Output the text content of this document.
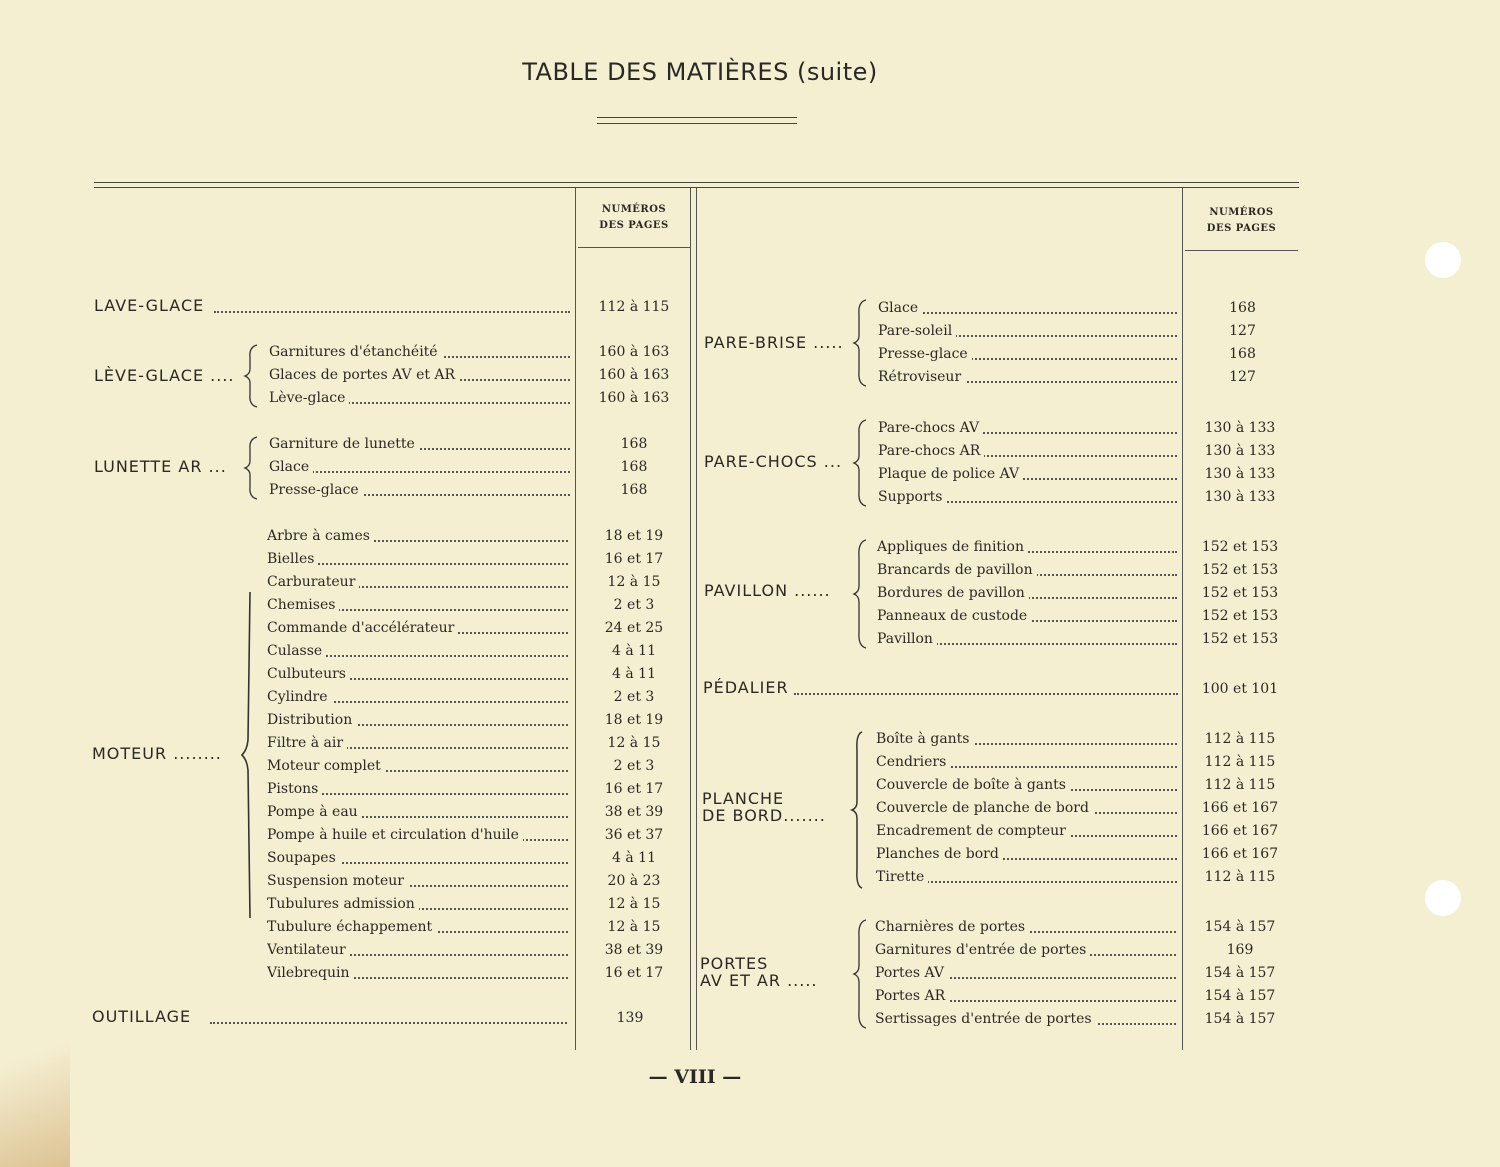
TABLE DES MATIÈRES (suite)
NUMÉROS
DES PAGES
NUMÉROS
DES PAGES
LAVE-GLACE	112 à 115
LÈVE-GLACE ....
Garnitures d'étanchéité	160 à 163
Glaces de portes AV et AR	160 à 163
Lève-glace	160 à 163
LUNETTE AR ...
Garniture de lunette	168
Glace	168
Presse-glace	168
MOTEUR ........
Arbre à cames	18 et 19
Bielles	16 et 17
Carburateur	12 à 15
Chemises	2 et 3
Commande d'accélérateur	24 et 25
Culasse	4 à 11
Culbuteurs	4 à 11
Cylindre	2 et 3
Distribution	18 et 19
Filtre à air	12 à 15
Moteur complet	2 et 3
Pistons	16 et 17
Pompe à eau	38 et 39
Pompe à huile et circulation d'huile	36 et 37
Soupapes	4 à 11
Suspension moteur	20 à 23
Tubulures admission	12 à 15
Tubulure échappement	12 à 15
Ventilateur	38 et 39
Vilebrequin	16 et 17
OUTILLAGE	139
PARE-BRISE .....
Glace	168
Pare-soleil	127
Presse-glace	168
Rétroviseur	127
PARE-CHOCS ...
Pare-chocs AV	130 à 133
Pare-chocs AR	130 à 133
Plaque de police AV	130 à 133
Supports	130 à 133
PAVILLON ......
Appliques de finition	152 et 153
Brancards de pavillon	152 et 153
Bordures de pavillon	152 et 153
Panneaux de custode	152 et 153
Pavillon	152 et 153
PÉDALIER	100 et 101
PLANCHE
DE BORD.......
Boîte à gants	112 à 115
Cendriers	112 à 115
Couvercle de boîte à gants	112 à 115
Couvercle de planche de bord	166 et 167
Encadrement de compteur	166 et 167
Planches de bord	166 et 167
Tirette	112 à 115
PORTES
AV ET AR .....
Charnières de portes	154 à 157
Garnitures d'entrée de portes	169
Portes AV	154 à 157
Portes AR	154 à 157
Sertissages d'entrée de portes	154 à 157
— VIII —
